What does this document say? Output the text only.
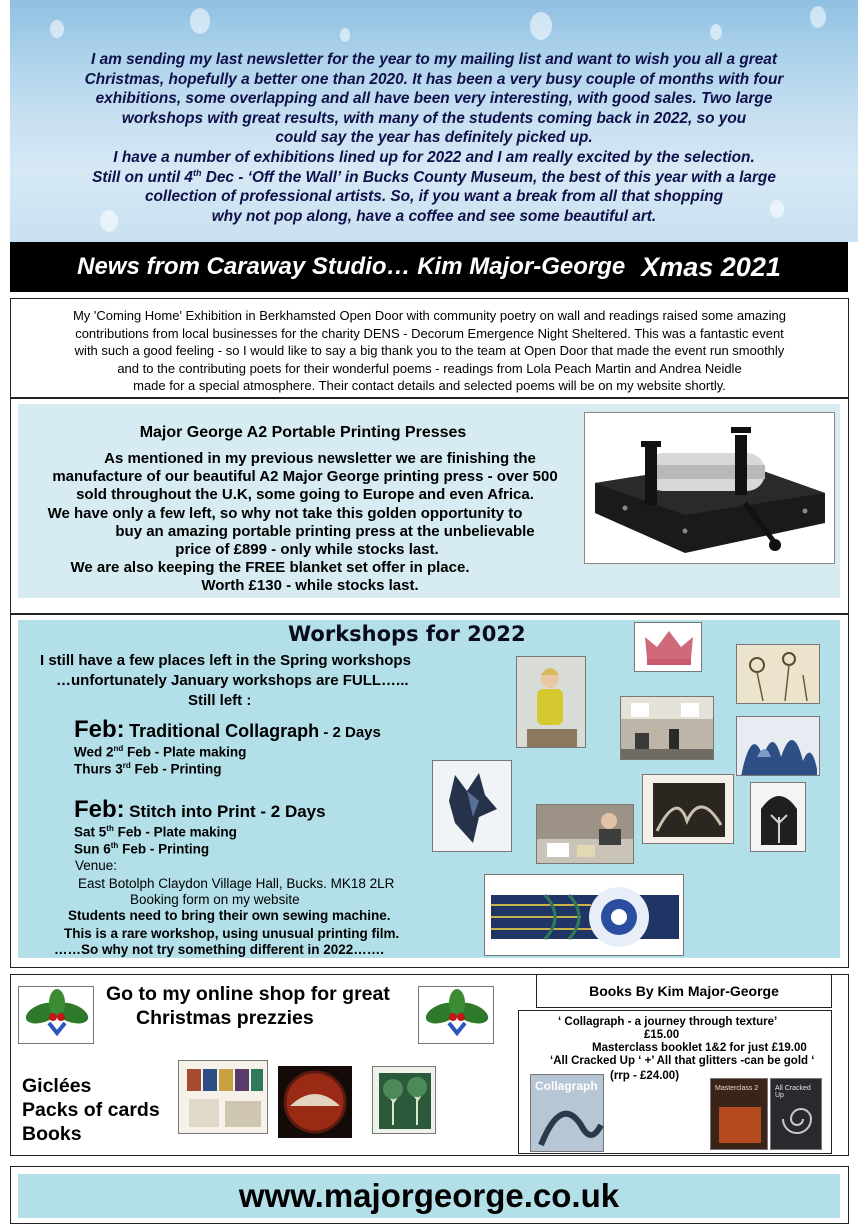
I am sending my last newsletter for the year to my mailing list and want to wish you all a great
Christmas, hopefully a better one than 2020. It has been a very busy couple of months with four
exhibitions, some overlapping and all have been very interesting, with good sales. Two large
workshops with great results, with many of the students coming back in 2022, so you
could say the year has definitely picked up.
I have a number of exhibitions lined up for 2022 and I am really excited by the selection.
Still on until 4th Dec - ‘Off the Wall’ in Bucks County Museum, the best of this year with a large
collection of professional artists. So, if you want a break from all that shopping
why not pop along, have a coffee and see some beautiful art.
News from Caraway Studio… Kim Major-George Xmas 2021

My 'Coming Home' Exhibition in Berkhamsted Open Door with community poetry on wall and readings raised some amazing
contributions from local businesses for the charity DENS - Decorum Emergence Night Sheltered. This was a fantastic event
with such a good feeling - so I would like to say a big thank you to the team at Open Door that made the event run smoothly
and to the contributing poets for their wonderful poems - readings from Lola Peach Martin and Andrea Neidle
made for a special atmosphere. Their contact details and selected poems will be on my website shortly.

Major George A2 Portable Printing Presses
As mentioned in my previous newsletter we are finishing the
manufacture of our beautiful A2 Major George printing press - over 500
sold throughout the U.K, some going to Europe and even Africa.
We have only a few left, so why not take this golden opportunity to
buy an amazing portable printing press at the unbelievable
price of £899 - only while stocks last.
We are also keeping the FREE blanket set offer in place.
Worth £130 - while stocks last.
Workshops for 2022
I still have a few places left in the Spring workshops
…unfortunately January workshops are FULL…...
Still left :
Feb: Traditional Collagraph - 2 Days
Wed 2nd Feb - Plate making
Thurs 3rd Feb - Printing
Feb: Stitch into Print - 2 Days
Sat 5th Feb - Plate making
Sun 6th Feb - Printing
Venue:
East Botolph Claydon Village Hall, Bucks. MK18 2LR
Booking form on my website
Students need to bring their own sewing machine.
This is a rare workshop, using unusual printing film.
……So why not try something different in 2022…….
Go to my online shop for great
Christmas prezzies
Giclées
Packs of cards
Books
Books By Kim Major-George
‘ Collagraph - a journey through texture’
£15.00
Masterclass booklet 1&2 for just £19.00
‘All Cracked Up ‘ +’ All that glitters -can be gold ‘
(rrp - £24.00)
Collagraph	Masterclass 2 All Cracked Up
www.majorgeorge.co.uk
